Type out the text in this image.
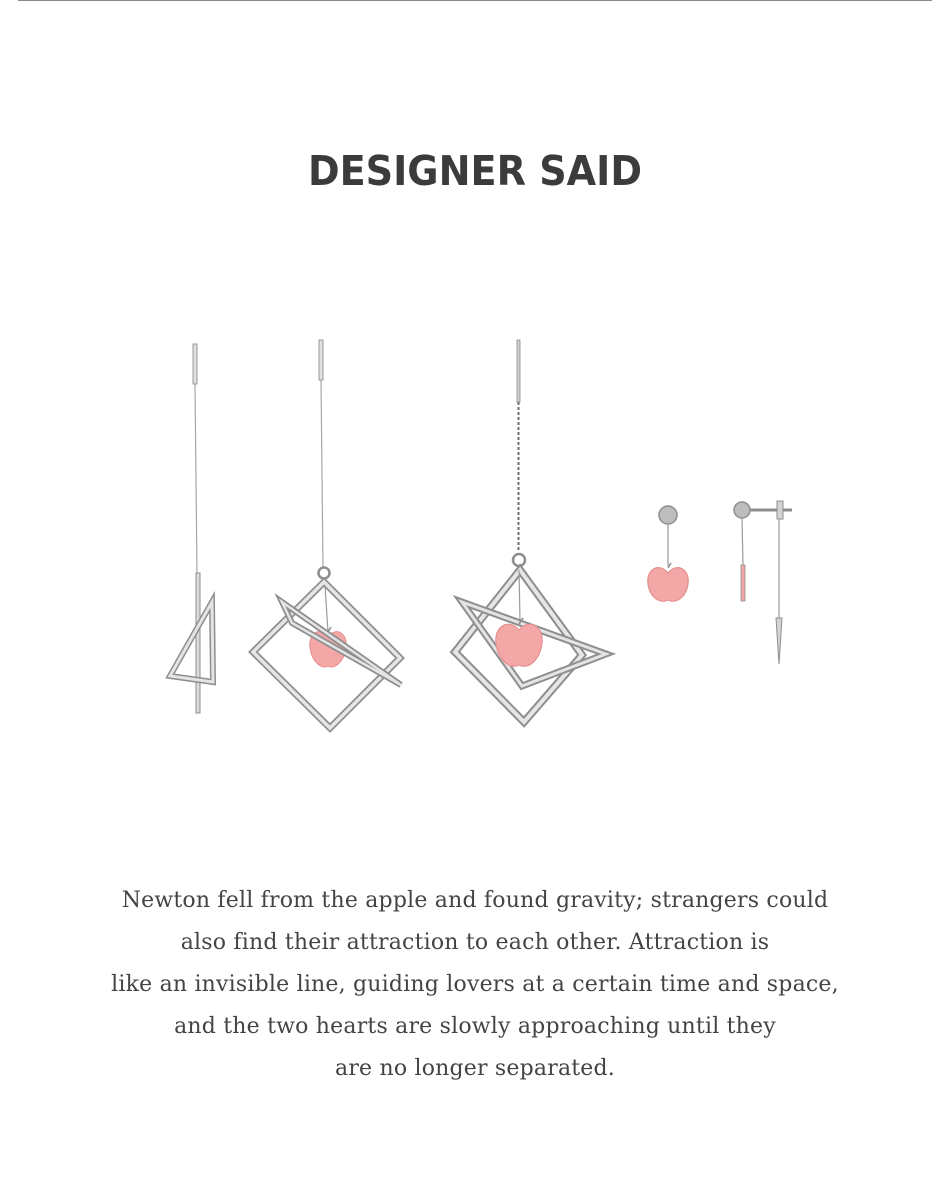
DESIGNER SAID
Newton fell from the apple and found gravity; strangers could
also find their attraction to each other. Attraction is
like an invisible line, guiding lovers at a certain time and space,
and the two hearts are slowly approaching until they
are no longer separated.
